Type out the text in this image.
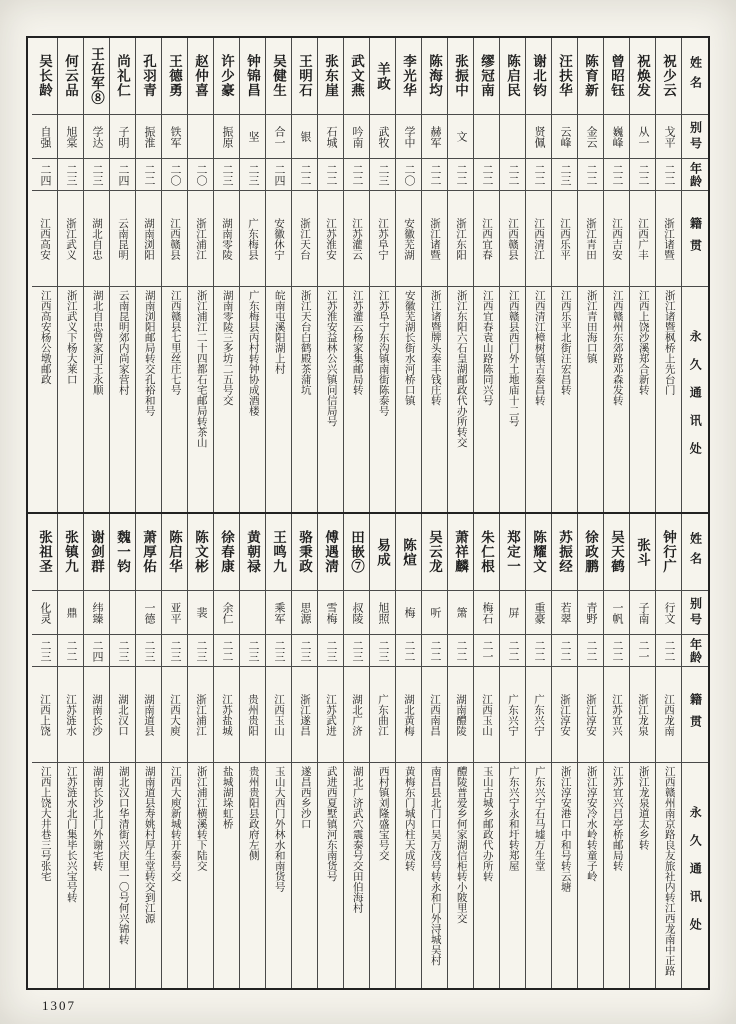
姓名
别号
年龄
籍贯
永久通讯处
祝少云
戈平
二二
浙江诸暨
浙江诸暨枫桥上先台门
祝焕发
从一
二二
江西广丰
江西上饶沙溪郑合新转
曾昭钰
巍峰
二二
江西吉安
江西赣州东郊路邓森发转
陈育新
金云
二二
浙江青田
浙江青田海口镇
汪扶华
云峰
二三
江西乐平
江西乐平北街汪宏昌转
谢北钧
贤佩
二二
江西清江
江西清江樟树镇吉泰昌转
陈启民
二二
江西赣县
江西赣县西门外土地庙十二号
缪冠南
二二
江西宜春
江西宜春袁山路陈同兴号
张振中
文
二二
浙江东阳
浙江东阳六石皇湖邮政代办所转交
陈海均
赫军
二二
浙江诸暨
浙江诸暨牌头泰丰钱庄转
李光华
学中
二〇
安徽芜湖
安徽芜湖长街水河桥口镇
羊政
武牧
二三
江苏阜宁
江苏阜宁东沟镇南街陈泰号
武文燕
吟南
二二
江苏灌云
江苏灌云杨家集邮局转
张东崖
石城
二二
江苏淮安
江苏淮安益林公兴镇问信局号
王明石
银
二二
浙江天台
浙江天台白鹤殿茶蒲坑
吴健生
合一
二四
安徽休宁
皖南屯溪阳湖上村
钟锦昌
坚
二三
广东梅县
广东梅县丙村转钟协成酒楼
许少豪
振原
二三
湖南零陵
湖南零陵三多坊二五号交
赵仲喜
二〇
浙江浦江
浙江浦江二十四都石宅邮局转茶山
王德勇
铁军
二〇
江西赣县
江西赣县七里丝庄七号
孔羽青
振淮
二二
湖南浏阳
湖南浏阳邮局转交孔裕和号
尚礼仁
子明
二四
云南昆明
云南昆明郊内尚家营村
王在军⑧
学达
二三
湖北自忠
湖北自忠曾家河王永顺
何云品
旭棠
二三
浙江武义
浙江武义下杨大莱口
吴长龄
自强
二四
江西高安
江西高安杨公墩邮政
姓名
别号
年龄
籍贯
永久通讯处
钟行广
行文
二二
江西龙南
江西赣州南京路良友旅社内转江西龙南中正路
张斗
子南
二一
浙江龙泉
浙江龙泉道太乡转
吴天鹤
一帆
二二
江苏宜兴
江苏宜兴吕亭桥邮局转
徐政鹏
青野
二二
浙江淳安
浙江淳安冷水岭转童子岭
苏振经
若翠
二二
浙江淳安
浙江淳安港口中和号转云塘
陈耀文
重豪
二二
广东兴宁
广东兴宁石马墟万生堂
郑定一
屏
二二
广东兴宁
广东兴宁永和圩转郑屋
朱仁根
梅石
二一
江西玉山
玉山古城乡邮政代办所转
萧祥麟
箫
二二
湖南醴陵
醴陵普爱乡何家湖信柜转小陂里交
吴云龙
听
二二
江西南昌
南昌县北门口吴万茂号转永和门外浔城吴村
陈煊
梅
二二
湖北黄梅
黄梅东门城内柱天成转
易成
旭照
二三
广东曲江
西村镇刘隆盛宝号交
田嵌⑦
叔陵
二三
湖北广济
湖北广济武穴震泰号交田伯海村
傅遇淸
雪梅
二三
江苏武进
武进西夏墅镇河东南货号
骆秉政
思源
二三
浙江遂昌
遂昌西乡沙口
王鸣九
乘军
二三
江西玉山
玉山大西门外林水和南货号
黄朝禄
二三
贵州贵阳
贵州贵阳县政府左侧
徐春康
余仁
二二
江苏盐城
盐城湖垛虹桥
陈文彬
裴
二三
浙江浦江
浙江浦江横溪转下陆交
陈启华
亚平
二三
江西大庾
江西大庾新城转开泰号交
萧厚佑
一德
二三
湖南道县
湖南道县寿姚村厚生堂转交到江源
魏一钧
二三
湖北汉口
湖北汉口华清街兴庆里一〇号何兴锦转
谢剑群
纬臻
二四
湖南长沙
湖南长沙北门外谢宅转
张镇九
鼎
二二
江苏涟水
江苏涟水北门集毕长兴宝号转
张祖圣
化灵
二三
江西上饶
江西上饶大井巷三号张宅
1307
